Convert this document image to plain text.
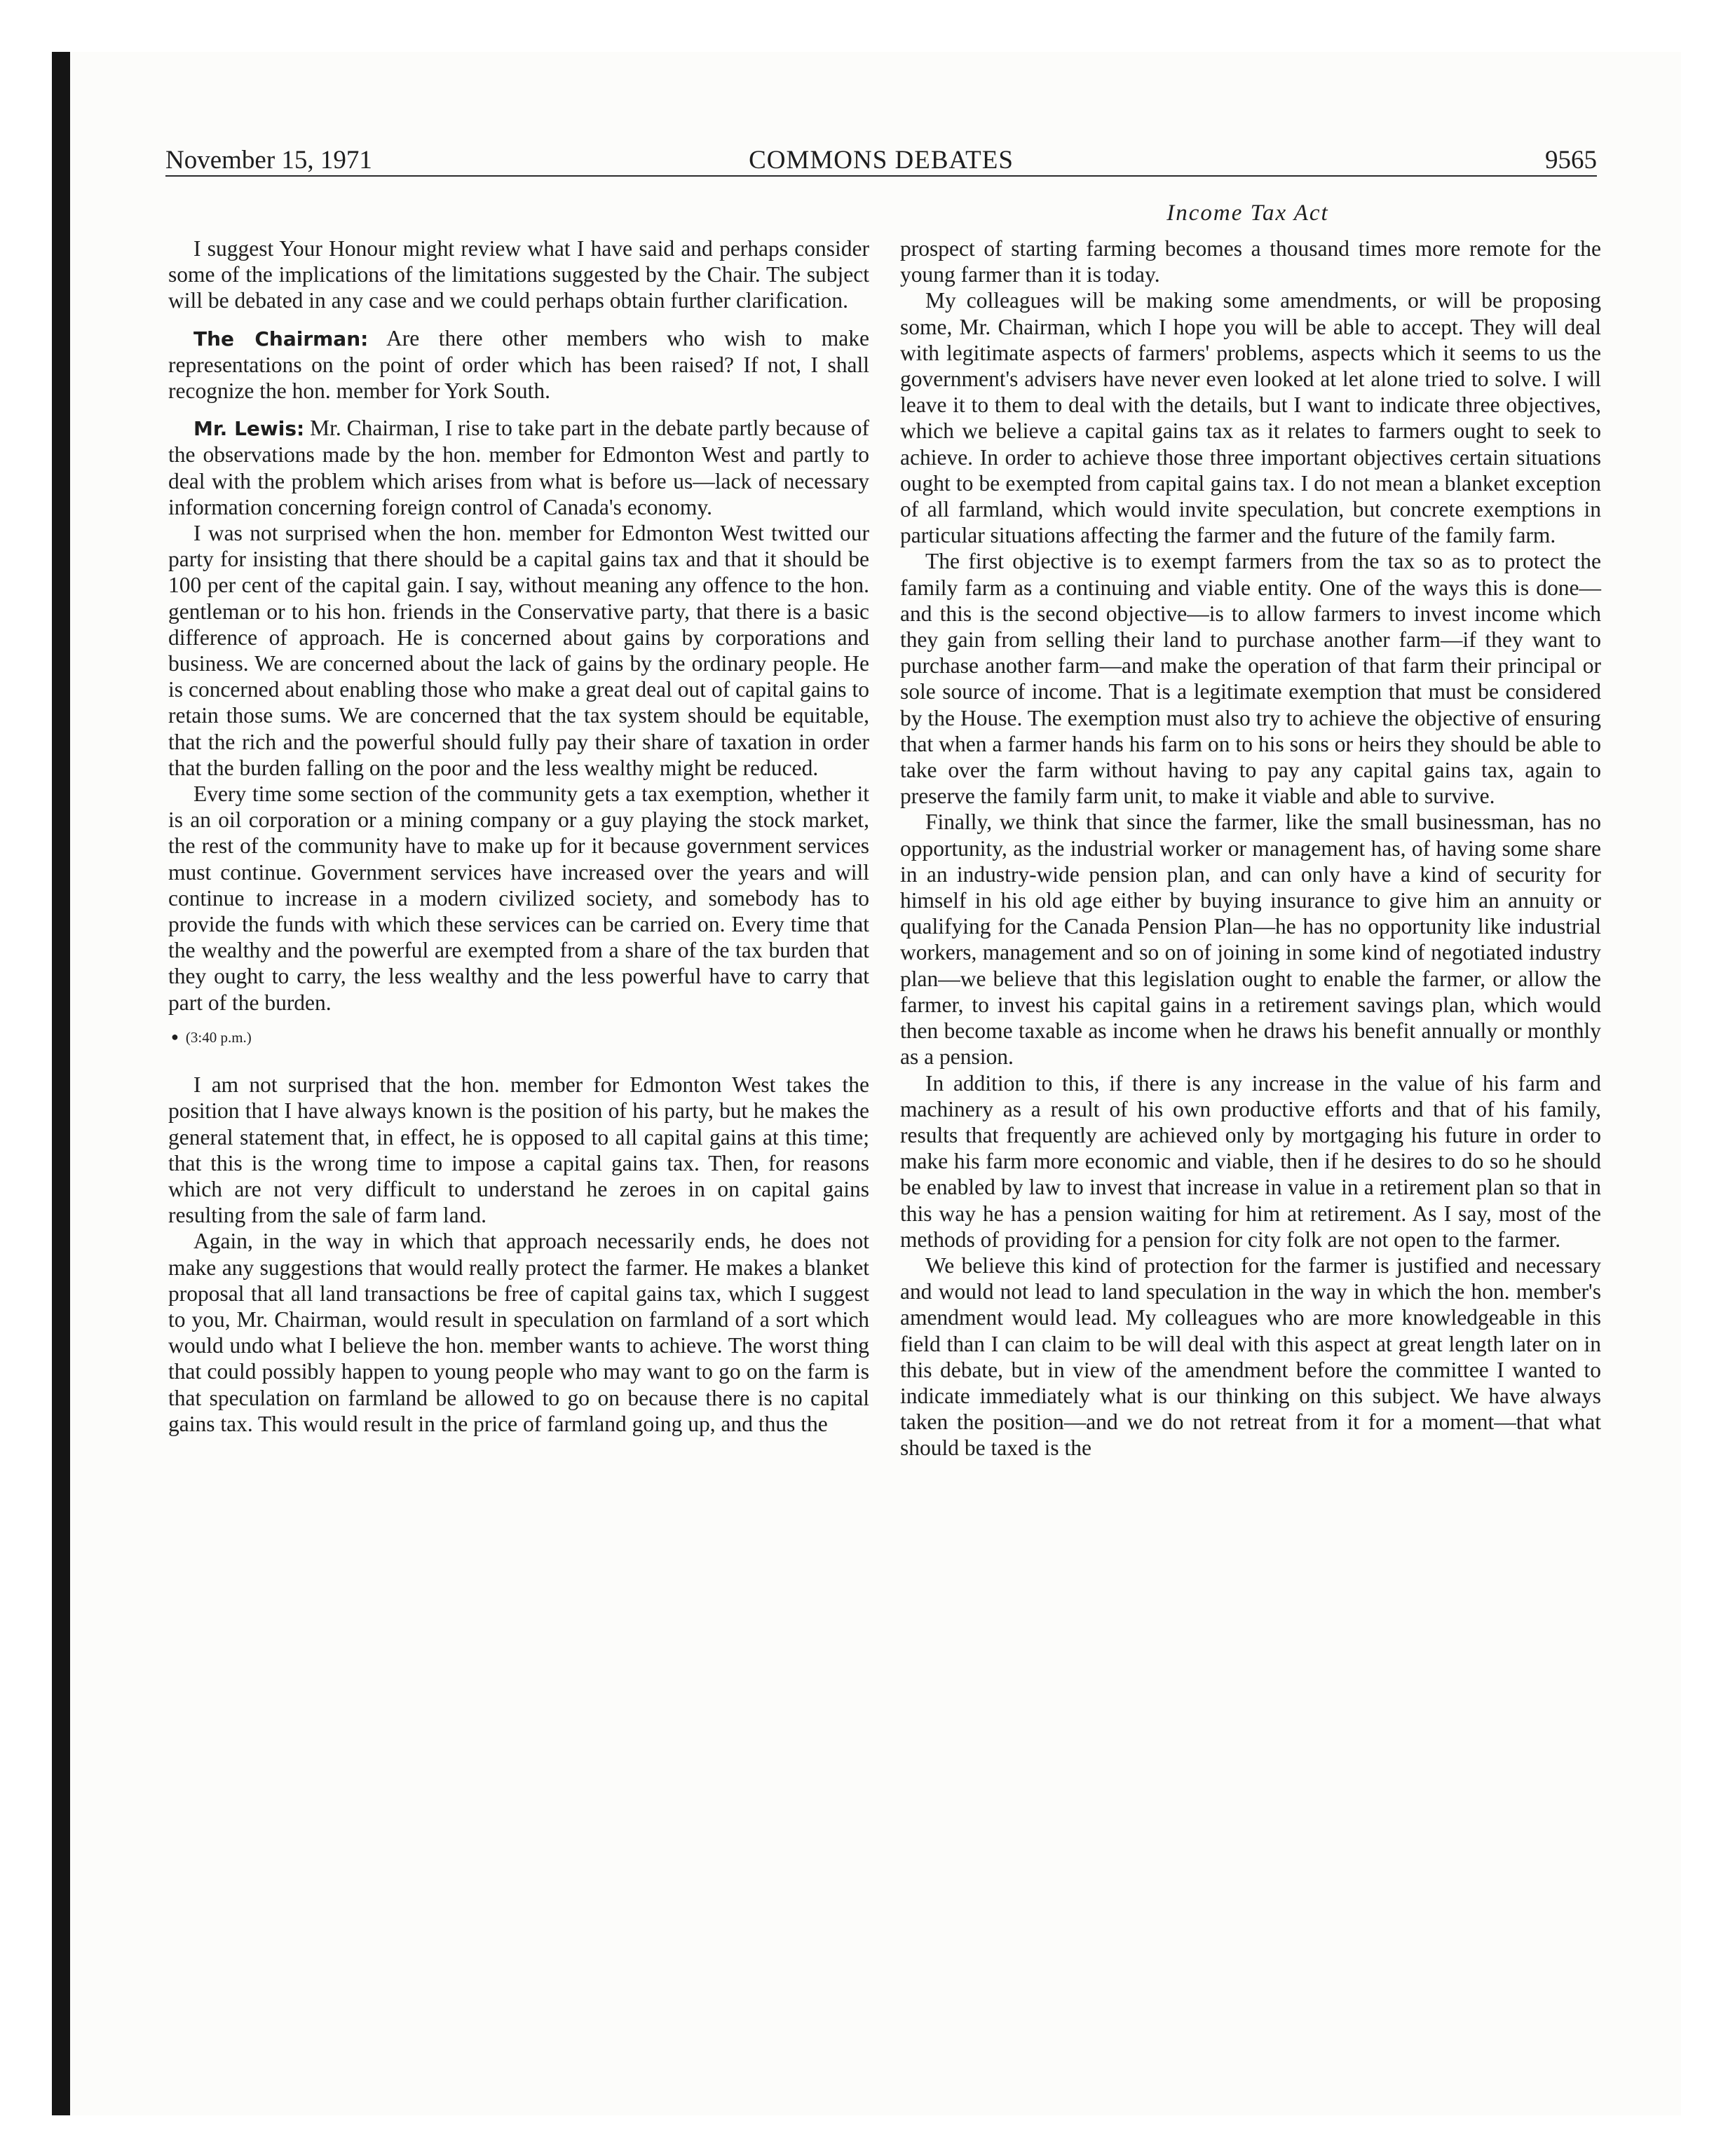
November 15, 1971	COMMONS DEBATES	9565
Income Tax Act

I suggest Your Honour might review what I have said and perhaps consider some of the implications of the limitations suggested by the Chair. The subject will be debated in any case and we could perhaps obtain further clarification.

The Chairman: Are there other members who wish to make representations on the point of order which has been raised? If not, I shall recognize the hon. member for York South.

Mr. Lewis: Mr. Chairman, I rise to take part in the debate partly because of the observations made by the hon. member for Edmonton West and partly to deal with the problem which arises from what is before us—lack of necessary information concerning foreign control of Canada's economy.

I was not surprised when the hon. member for Edmonton West twitted our party for insisting that there should be a capital gains tax and that it should be 100 per cent of the capital gain. I say, without meaning any offence to the hon. gentleman or to his hon. friends in the Conservative party, that there is a basic difference of approach. He is concerned about gains by corporations and business. We are concerned about the lack of gains by the ordinary people. He is concerned about enabling those who make a great deal out of capital gains to retain those sums. We are concerned that the tax system should be equitable, that the rich and the powerful should fully pay their share of taxation in order that the burden falling on the poor and the less wealthy might be reduced.

Every time some section of the community gets a tax exemption, whether it is an oil corporation or a mining company or a guy playing the stock market, the rest of the community have to make up for it because government services must continue. Government services have increased over the years and will continue to increase in a modern civilized society, and somebody has to provide the funds with which these services can be carried on. Every time that the wealthy and the powerful are exempted from a share of the tax burden that they ought to carry, the less wealthy and the less powerful have to carry that part of the burden.

● (3:40 p.m.)

I am not surprised that the hon. member for Edmonton West takes the position that I have always known is the position of his party, but he makes the general statement that, in effect, he is opposed to all capital gains at this time; that this is the wrong time to impose a capital gains tax. Then, for reasons which are not very difficult to understand he zeroes in on capital gains resulting from the sale of farm land.

Again, in the way in which that approach necessarily ends, he does not make any suggestions that would really protect the farmer. He makes a blanket proposal that all land transactions be free of capital gains tax, which I suggest to you, Mr. Chairman, would result in speculation on farmland of a sort which would undo what I believe the hon. member wants to achieve. The worst thing that could possibly happen to young people who may want to go on the farm is that speculation on farmland be allowed to go on because there is no capital gains tax. This would result in the price of farmland going up, and thus the

prospect of starting farming becomes a thousand times more remote for the young farmer than it is today.

My colleagues will be making some amendments, or will be proposing some, Mr. Chairman, which I hope you will be able to accept. They will deal with legitimate aspects of farmers' problems, aspects which it seems to us the government's advisers have never even looked at let alone tried to solve. I will leave it to them to deal with the details, but I want to indicate three objectives, which we believe a capital gains tax as it relates to farmers ought to seek to achieve. In order to achieve those three important objectives certain situations ought to be exempted from capital gains tax. I do not mean a blanket exception of all farmland, which would invite speculation, but concrete exemptions in particular situations affecting the farmer and the future of the family farm.

The first objective is to exempt farmers from the tax so as to protect the family farm as a continuing and viable entity. One of the ways this is done—and this is the second objective—is to allow farmers to invest income which they gain from selling their land to purchase another farm—if they want to purchase another farm—and make the operation of that farm their principal or sole source of income. That is a legitimate exemption that must be considered by the House. The exemption must also try to achieve the objective of ensuring that when a farmer hands his farm on to his sons or heirs they should be able to take over the farm without having to pay any capital gains tax, again to preserve the family farm unit, to make it viable and able to survive.

Finally, we think that since the farmer, like the small businessman, has no opportunity, as the industrial worker or management has, of having some share in an industry-wide pension plan, and can only have a kind of security for himself in his old age either by buying insurance to give him an annuity or qualifying for the Canada Pension Plan—he has no opportunity like industrial workers, management and so on of joining in some kind of negotiated industry plan—we believe that this legislation ought to enable the farmer, or allow the farmer, to invest his capital gains in a retirement savings plan, which would then become taxable as income when he draws his benefit annually or monthly as a pension.

In addition to this, if there is any increase in the value of his farm and machinery as a result of his own productive efforts and that of his family, results that frequently are achieved only by mortgaging his future in order to make his farm more economic and viable, then if he desires to do so he should be enabled by law to invest that increase in value in a retirement plan so that in this way he has a pension waiting for him at retirement. As I say, most of the methods of providing for a pension for city folk are not open to the farmer.

We believe this kind of protection for the farmer is justified and necessary and would not lead to land speculation in the way in which the hon. member's amendment would lead. My colleagues who are more knowledgeable in this field than I can claim to be will deal with this aspect at great length later on in this debate, but in view of the amendment before the committee I wanted to indicate immediately what is our thinking on this subject. We have always taken the position—and we do not retreat from it for a moment—that what should be taxed is the
